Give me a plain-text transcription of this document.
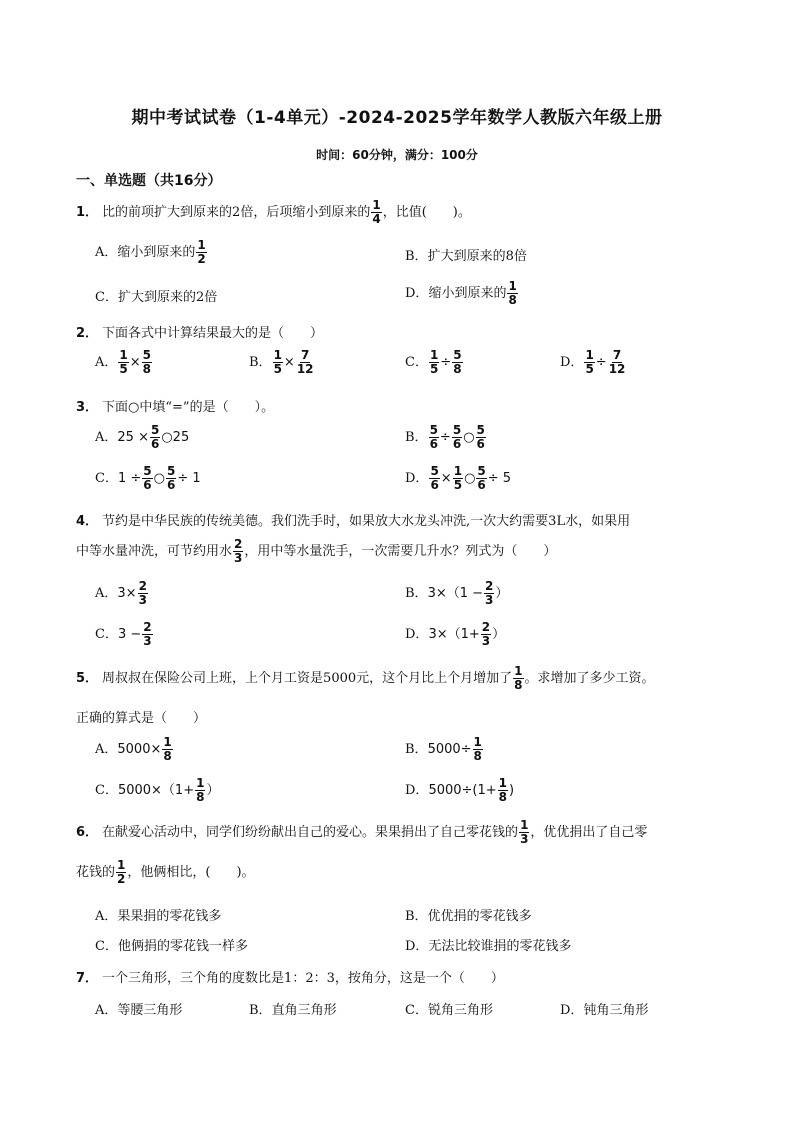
期中考试试卷（1-4单元）-2024-2025学年数学人教版六年级上册
时间：60分钟，满分：100分
一、单选题（共16分）
1． 比的前项扩大到原来的2倍，后项缩小到原来的 $\frac{1}{4}$ ，比值(　　)。
A．缩小到原来的 $\frac{1}{2}$	B．扩大到原来的8倍
C．扩大到原来的2倍	D．缩小到原来的 $\frac{1}{8}$
2． 下面各式中计算结果最大的是（　　）
A． $\frac{1}{5} \times \frac{5}{8}$	B． $\frac{1}{5} \times \frac{7}{12}$	C． $\frac{1}{5} \div \frac{5}{8}$	D． $\frac{1}{5} \div \frac{7}{12}$
3． 下面○中填“=”的是（　　）。
A．$25 \times \frac{5}{6}$ ○25	B． $\frac{5}{6} \div \frac{5}{6}$ ○ $\frac{5}{6}$
C．$1 \div \frac{5}{6}$ ○ $\frac{5}{6} \div 1$	D． $\frac{5}{6} \times \frac{1}{5}$ ○ $\frac{5}{6} \div 5$
4． 节约是中华民族的传统美德。我们洗手时，如果放大水龙头冲洗,一次大约需要3L水，如果用
中等水量冲洗，可节约用水 $\frac{2}{3}$ ，用中等水量洗手，一次需要几升水？列式为（　　）
A．$3\times \frac{2}{3}$	B．$3\times(1 - \frac{2}{3}$ ）
C．$3 - \frac{2}{3}$	D．$3\times(1+ \frac{2}{3}$ ）
5． 周叔叔在保险公司上班，上个月工资是5000元，这个月比上个月增加了 $\frac{1}{8}$ 。求增加了多少工资。
正确的算式是（　　）
A．$5000\times \frac{1}{8}$	B．$5000\div \frac{1}{8}$
C．$5000\times(1+ \frac{1}{8}$ ）	D．$5000\div(1+ \frac{1}{8}$ )
6． 在献爱心活动中，同学们纷纷献出自己的爱心。果果捐出了自己零花钱的 $\frac{1}{3}$ ，优优捐出了自己零
花钱的 $\frac{1}{2}$ ，他俩相比，(　　)。
A．果果捐的零花钱多	B．优优捐的零花钱多
C．他俩捐的零花钱一样多	D．无法比较谁捐的零花钱多
7． 一个三角形，三个角的度数比是1：2：3，按角分，这是一个（　　）
A．等腰三角形	B．直角三角形	C．锐角三角形	D．钝角三角形
